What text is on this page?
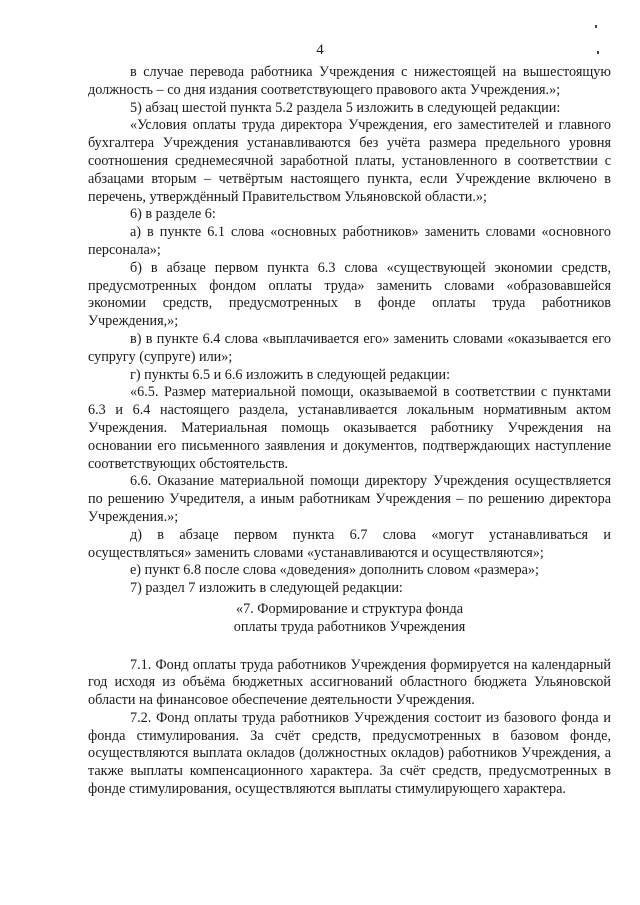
4

в случае перевода работника Учреждения с нижестоящей на вышестоящую должность – со дня издания соответствующего правового акта Учреждения.»;

5) абзац шестой пункта 5.2 раздела 5 изложить в следующей редакции:

«Условия оплаты труда директора Учреждения, его заместителей и главного бухгалтера Учреждения устанавливаются без учёта размера предельного уровня соотношения среднемесячной заработной платы, установленного в соответствии с абзацами вторым – четвёртым настоящего пункта, если Учреждение включено в перечень, утверждённый Правительством Ульяновской области.»;

6) в разделе 6:

а) в пункте 6.1 слова «основных работников» заменить словами «основного персонала»;

б) в абзаце первом пункта 6.3 слова «существующей экономии средств, предусмотренных фондом оплаты труда» заменить словами «образовавшейся экономии средств, предусмотренных в фонде оплаты труда работников Учреждения,»;

в) в пункте 6.4 слова «выплачивается его» заменить словами «оказывается его супругу (супруге) или»;

г) пункты 6.5 и 6.6 изложить в следующей редакции:

«6.5. Размер материальной помощи, оказываемой в соответствии с пунктами 6.3 и 6.4 настоящего раздела, устанавливается локальным нормативным актом Учреждения. Материальная помощь оказывается работнику Учреждения на основании его письменного заявления и документов, подтверждающих наступление соответствующих обстоятельств.

6.6. Оказание материальной помощи директору Учреждения осуществляется по решению Учредителя, а иным работникам Учреждения – по решению директора Учреждения.»;

д) в абзаце первом пункта 6.7 слова «могут устанавливаться и осуществляться» заменить словами «устанавливаются и осуществляются»;

е) пункт 6.8 после слова «доведения» дополнить словом «размера»;

7) раздел 7 изложить в следующей редакции:

«7. Формирование и структура фонда
оплаты труда работников Учреждения

7.1. Фонд оплаты труда работников Учреждения формируется на календарный год исходя из объёма бюджетных ассигнований областного бюджета Ульяновской области на финансовое обеспечение деятельности Учреждения.

7.2. Фонд оплаты труда работников Учреждения состоит из базового фонда и фонда стимулирования. За счёт средств, предусмотренных в базовом фонде, осуществляются выплата окладов (должностных окладов) работников Учреждения, а также выплаты компенсационного характера. За счёт средств, предусмотренных в фонде стимулирования, осуществляются выплаты стимулирующего характера.
